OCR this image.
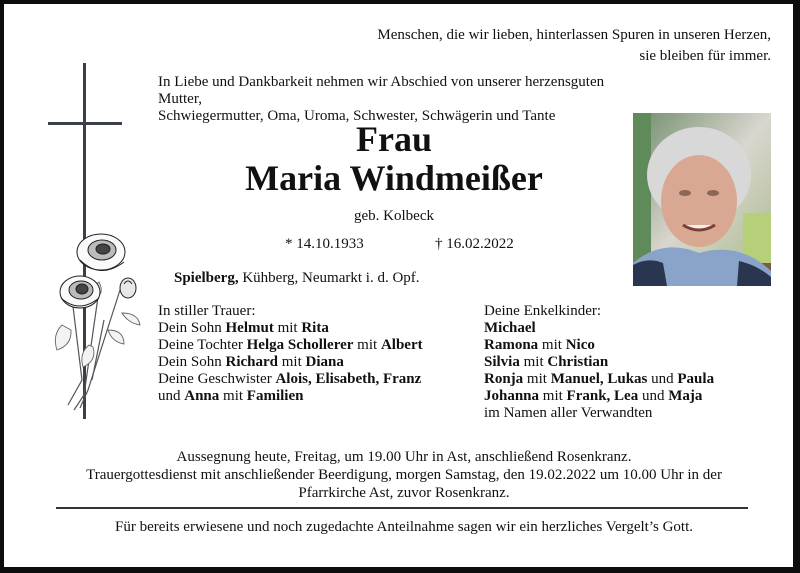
Menschen, die wir lieben, hinterlassen Spuren in unseren Herzen,
sie bleiben für immer.
In Liebe und Dankbarkeit nehmen wir Abschied von unserer herzensguten Mutter,
Schwiegermutter, Oma, Uroma, Schwester, Schwägerin und Tante
Frau
Maria Windmeißer
geb. Kolbeck
* 14.10.1933	† 16.02.2022
Spielberg, Kühberg, Neumarkt i. d. Opf.
In stiller Trauer:
Dein Sohn Helmut mit Rita
Deine Tochter Helga Schollerer mit Albert
Dein Sohn Richard mit Diana
Deine Geschwister Alois, Elisabeth, Franz
und Anna mit Familien
Deine Enkelkinder:
Michael
Ramona mit Nico
Silvia mit Christian
Ronja mit Manuel, Lukas und Paula
Johanna mit Frank, Lea und Maja
im Namen aller Verwandten
Aussegnung heute, Freitag, um 19.00 Uhr in Ast, anschließend Rosenkranz.
Trauergottesdienst mit anschließender Beerdigung, morgen Samstag, den 19.02.2022 um 10.00 Uhr in der
Pfarrkirche Ast, zuvor Rosenkranz.
Für bereits erwiesene und noch zugedachte Anteilnahme sagen wir ein herzliches Vergelt’s Gott.
